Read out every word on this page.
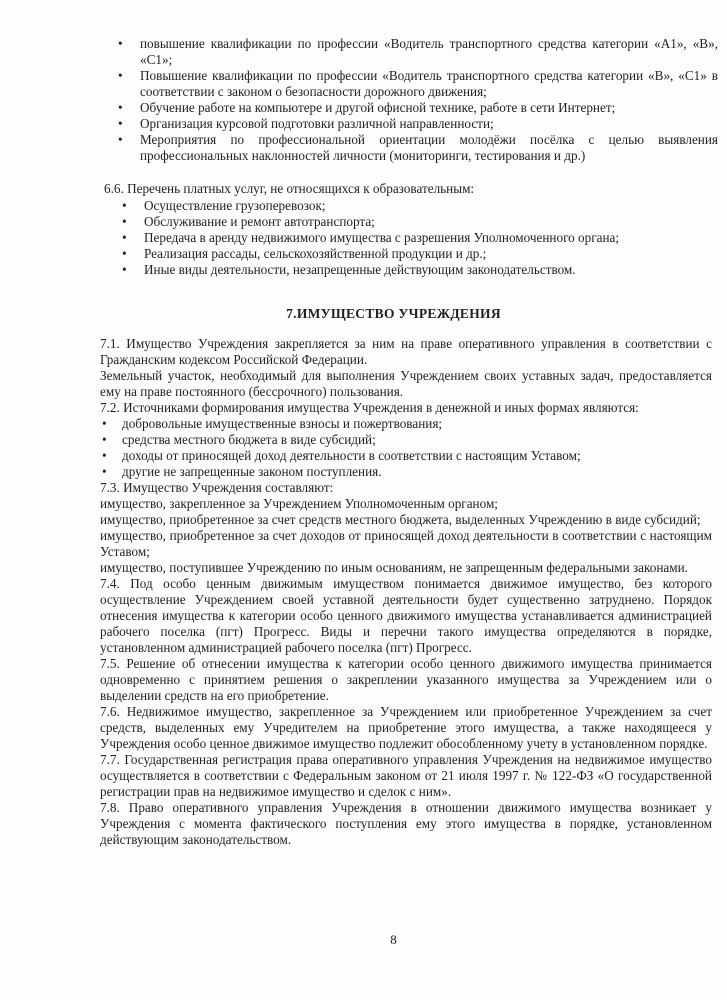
• повышение квалификации по профессии «Водитель транспортного средства категории «А1», «В», «С1»;
• Повышение квалификации по профессии «Водитель транспортного средства категории «В», «С1» в соответствии с законом о безопасности дорожного движения;
• Обучение работе на компьютере и другой офисной технике, работе в сети Интернет;
• Организация курсовой подготовки различной направленности;
• Мероприятия по профессиональной ориентации молодёжи посёлка с целью выявления профессиональных наклонностей личности (мониторинги, тестирования и др.)
6.6. Перечень платных услуг, не относящихся к образовательным:
• Осуществление грузоперевозок;
• Обслуживание и ремонт автотранспорта;
• Передача в аренду недвижимого имущества с разрешения Уполномоченного органа;
• Реализация рассады, сельскохозяйственной продукции и др.;
• Иные виды деятельности, незапрещенные действующим законодательством.
7.ИМУЩЕСТВО УЧРЕЖДЕНИЯ

7.1. Имущество Учреждения закрепляется за ним на праве оперативного управления в соответствии с Гражданским кодексом Российской Федерации.

Земельный участок, необходимый для выполнения Учреждением своих уставных задач, предоставляется ему на праве постоянного (бессрочного) пользования.

7.2. Источниками формирования имущества Учреждения в денежной и иных формах являются:

• добровольные имущественные взносы и пожертвования;
• средства местного бюджета в виде субсидий;
• доходы от приносящей доход деятельности в соответствии с настоящим Уставом;
• другие не запрещенные законом поступления.

7.3. Имущество Учреждения составляют:

имущество, закрепленное за Учреждением Уполномоченным органом;

имущество, приобретенное за счет средств местного бюджета, выделенных Учреждению в виде субсидий;

имущество, приобретенное за счет доходов от приносящей доход деятельности в соответствии с настоящим Уставом;

имущество, поступившее Учреждению по иным основаниям, не запрещенным федеральными законами.

7.4. Под особо ценным движимым имуществом понимается движимое имущество, без которого осуществление Учреждением своей уставной деятельности будет существенно затруднено. Порядок отнесения имущества к категории особо ценного движимого имущества устанавливается администрацией рабочего поселка (пгт) Прогресс. Виды и перечни такого имущества определяются в порядке, установленном администрацией рабочего поселка (пгт) Прогресс.

7.5. Решение об отнесении имущества к категории особо ценного движимого имущества принимается одновременно с принятием решения о закреплении указанного имущества за Учреждением или о выделении средств на его приобретение.

7.6. Недвижимое имущество, закрепленное за Учреждением или приобретенное Учреждением за счет средств, выделенных ему Учредителем на приобретение этого имущества, а также находящееся у Учреждения особо ценное движимое имущество подлежит обособленному учету в установленном порядке.

7.7. Государственная регистрация права оперативного управления Учреждения на недвижимое имущество осуществляется в соответствии с Федеральным законом от 21 июля 1997 г. № 122-ФЗ «О государственной регистрации прав на недвижимое имущество и сделок с ним».

7.8. Право оперативного управления Учреждения в отношении движимого имущества возникает у Учреждения с момента фактического поступления ему этого имущества в порядке, установленном действующим законодательством.

8
